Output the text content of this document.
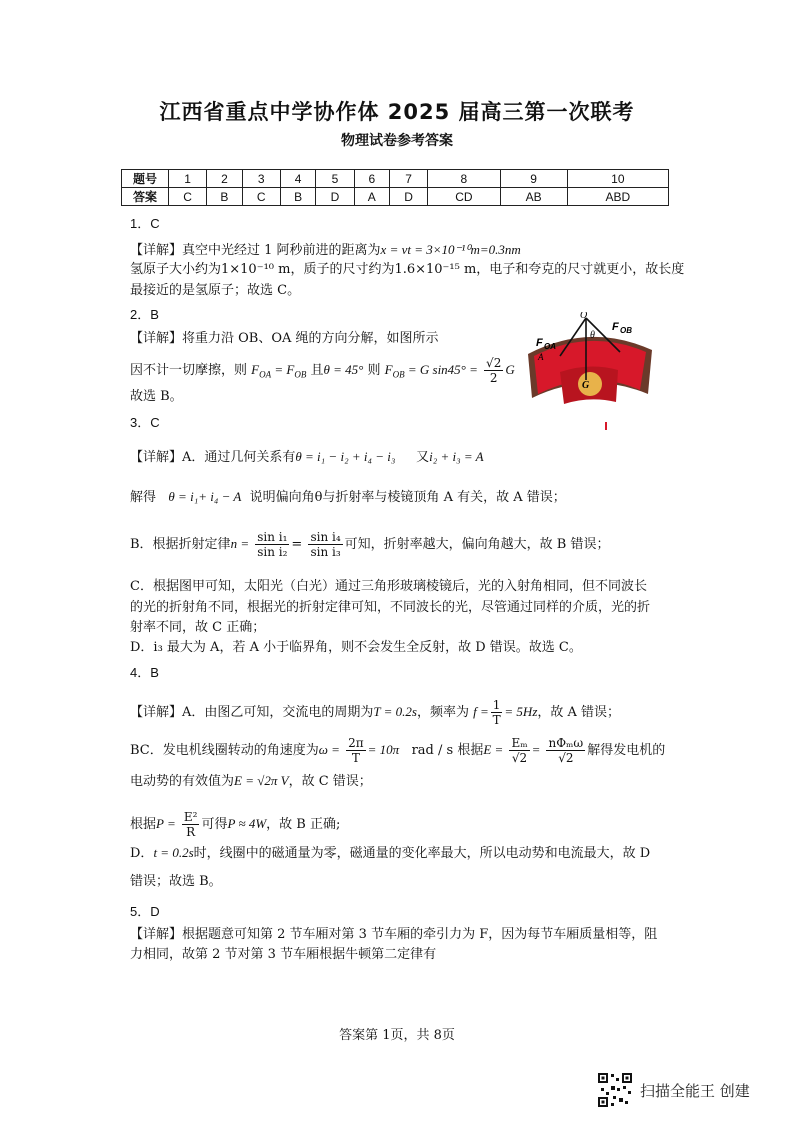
江西省重点中学协作体 2025 届高三第一次联考
物理试卷参考答案
题号	1	2	3	4	5	6	7	8	9	10
答案	C	B	C	B	D	A	D	CD	AB	ABD
1．C
【详解】真空中光经过 1 阿秒前进的距离为x = vt = 3×10⁻¹⁰m=0.3nm
氢原子大小约为1×10⁻¹⁰ m，质子的尺寸约为1.6×10⁻¹⁵ m，电子和夸克的尺寸就更小，故长度
最接近的是氢原子；故选 C。
2．B
【详解】将重力沿 OB、OA 绳的方向分解，如图所示
因不计一切摩擦，则 $F_{OA} = F_{OB}$ 且θ = 45° 则 $F_{OB} = G$ $\sin 45^\circ = \frac{√2}{2}$ G
故选 B。
O
F OA
F OB
A
θ
G
3．C
【详解】A．通过几何关系有θ = i₁ − i₂ + i₄ − i₃ 又i₂ + i₃ = A
解得 θ = i₁+ i₄ − A 说明偏向角θ与折射率与棱镜顶角 A 有关，故 A 错误；
B．根据折射定律$n = \frac{\text{sin i₁}}{\text{sin i₂}} = \frac{\text{sin i₄}}{\text{sin i₃}}$ 可知，折射率越大，偏向角越大，故 B 错误；
C．根据图甲可知，太阳光（白光）通过三角形玻璃棱镜后，光的入射角相同，但不同波长
的光的折射角不同，根据光的折射定律可知，不同波长的光，尽管通过同样的介质，光的折
射率不同，故 C 正确；
D．i₃ 最大为 A，若 A 小于临界角，则不会发生全反射，故 D 错误。故选 C。
4．B
【详解】A．由图乙可知，交流电的周期为T = 0.2s，频率为 $f = \frac{1}{T} = 5Hz$，故 A 错误；
BC．发电机线圈转动的角速度为$\omega = \frac{2\pi}{T} = 10\pi$ rad / s 根据$E = \frac{\text{Eₘ}}{√2} = \frac{\text{nΦₘω}}{√2}$ 解得发电机的
电动势的有效值为E = √2π V，故 C 错误；
根据$P = \frac{\text{E²}}{R}$ 可得P ≈ 4W，故 B 正确;
D．t = 0.2s时，线圈中的磁通量为零，磁通量的变化率最大，所以电动势和电流最大，故 D
错误；故选 B。
5．D
【详解】根据题意可知第 2 节车厢对第 3 节车厢的牵引力为 F，因为每节车厢质量相等，阻
力相同，故第 2 节对第 3 节车厢根据牛顿第二定律有
答案第 1页，共 8页
扫描全能王 创建
